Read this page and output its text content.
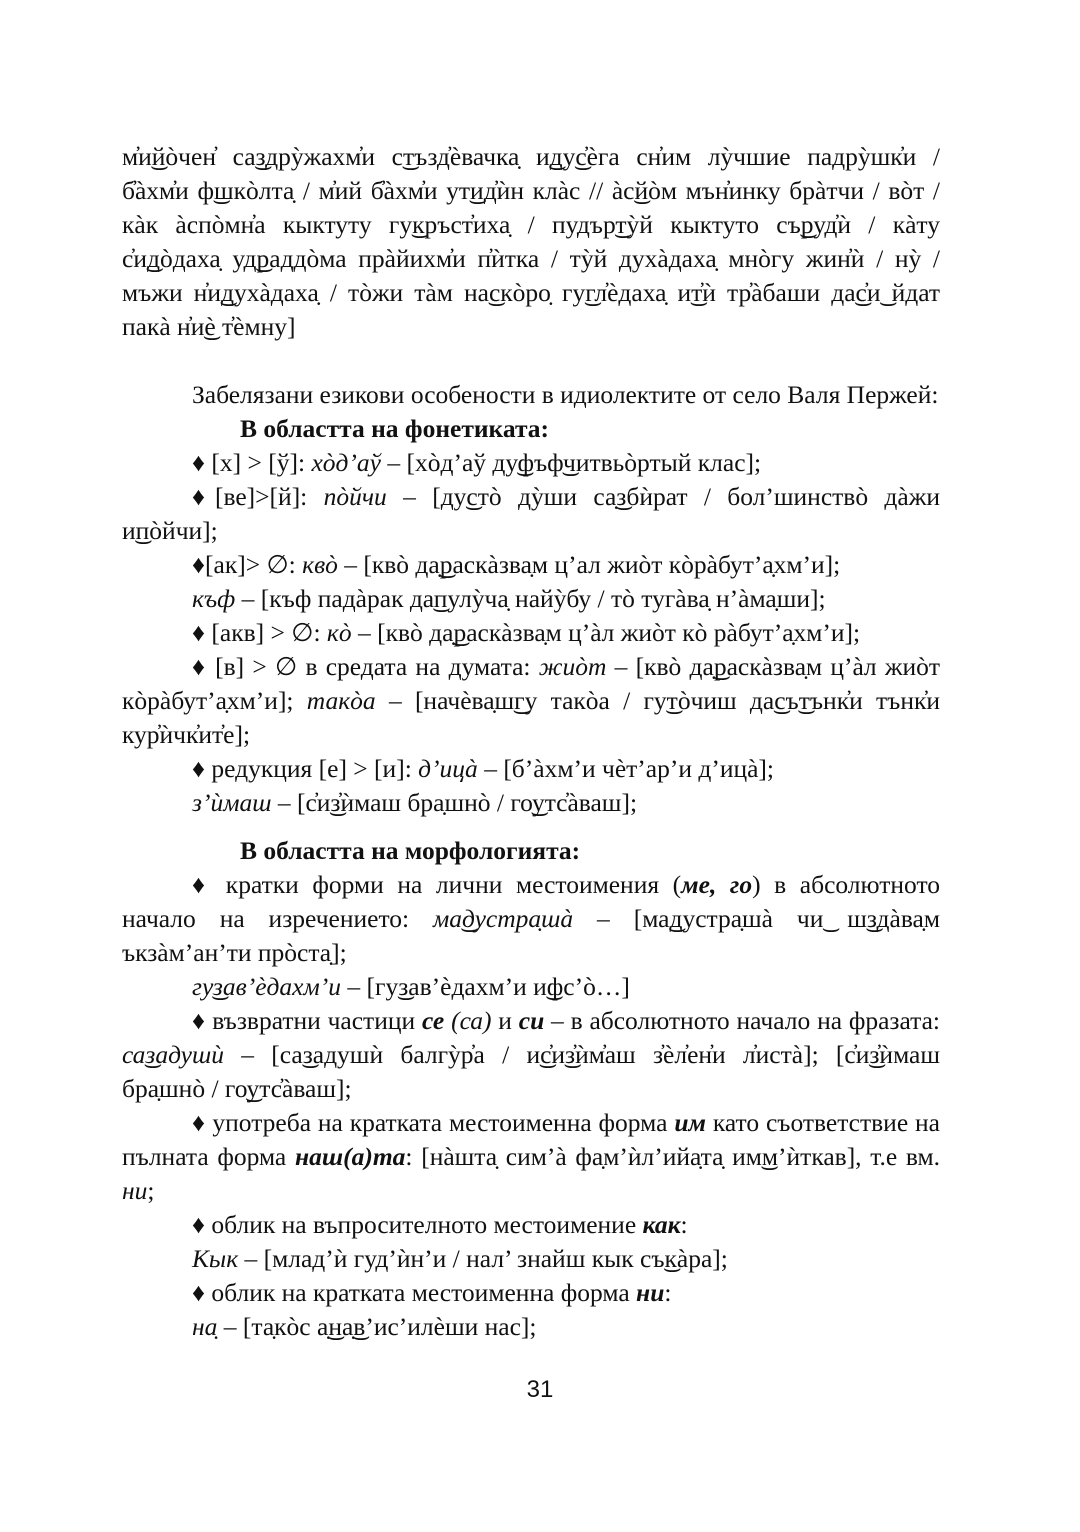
м̓и͜йòчен̓ са͜здрỳжахм̓и с͜тъзд̓èвачка̣ и͜ду͜с̓èга сн̓им лỳчшие падрỳшк̓и / б̓àхм̓и ф͜шкòлта̣ / м̓ий б̓àхм̓и ут͜ид̓ѝн клàс // àс͜йòм мън̓инку брàтчи / вòт / кàк àспòмн̓а кыктуту гу͜кръст̓иха̣ / пудър͜тỳй кыктуто съ͜руд̓ѝ / кàту с̓и͜дòдаха̣ уд͜раддòма прàйихм̓и п̓ѝтка / тỳй духàдаха̣ мнòгу жин̓ѝ / нỳ / мъжи н̓и͜духàдаха̣ / тòжи тàм на͜скòро̣ гу͜гл̓èдаха̣ и͜т̓ѝ тр̓àбаши да͜с̓и͜ йдат пакà н̓и͜è т̓èмну]

Забелязани езикови особености в идиолектите от село Валя Пержей:

В областта на фонетиката:

♦ [х] > [ў]: хòд’аў – [хòд’аў ду͜фъф͜читвьòртый клас];

♦[ве]>[й]: пòйчи – [ду͜стò дỳши са̣͜збѝрат / бол’шинствò дàжи и͜пòйчи];

♦[ак]> ∅: квò – [квò да̣͜раскàзва̣м ц’ал жиòт кòрàбут’а̣хм’и];

къф – [къф падàрак да͜пулỳча̣ найỳбу / тò тугàва̣ н’àма̣ши];

♦ [акв] > ∅: кò – [квò да̣͜раскàзва̣м ц’àл жиòт кò рàбут’а̣хм’и];

♦ [в] > ∅ в средата на думата: жиòт – [квò да̣͜раскàзва̣м ц’àл жиòт кòрàбут’а̣хм’и]; такòа – [начèва̣ш͜гу такòа / гу͜тòчиш да͜съ͜тънк̓и тънк̓и кур̓ѝчк̓ит̓е];

♦ редукция [е] > [и]: д’ицà – [б’àхм’и чèт’ар’и д’ицà];

з’ѝмаш – [с̓и͜з̓ѝмаш бра̣шнò / го͜утс̓àваш];

В областта на морфологията:

♦ кратки форми на лични местоимения (ме, го) в абсолютното начало на изречението: ма͜дустра̣шà – [ма͜дустра̣шà чи͜ ш͜здàва̣м ъкзàм’ан’ти прòста̣];

гу͜зав’èдахм’и – [гу͜зав’èдахм’и и͜фс’ò…]

♦ възвратни частици се (са) и си – в абсолютното начало на фразата: са͜задушѝ – [са͜задушѝ балгỳр̓а / и͜с̓и͜з̓ѝм̓аш з̓èл̓ен̓и л̓истà]; [с̓и͜з̓ѝмаш бра̣шнò / го͜утс̓àваш];

♦ употреба на кратката местоименна форма им като съответствие на пълната форма наш(а)та: [нàшта̣ сим’à фа̣м’ѝл’ийа̣та̣ им͜м’ѝткав], т.е вм. ни;

♦ облик на въпросителното местоимение как:

Кык – [млад’ѝ гуд’ѝн’и / нал’ знайш кык съ͜кàра];

♦ облик на кратката местоименна форма ни:

на̣ – [та̣кòс а̣͜на̣͜в’ис’илèши нас];

31
